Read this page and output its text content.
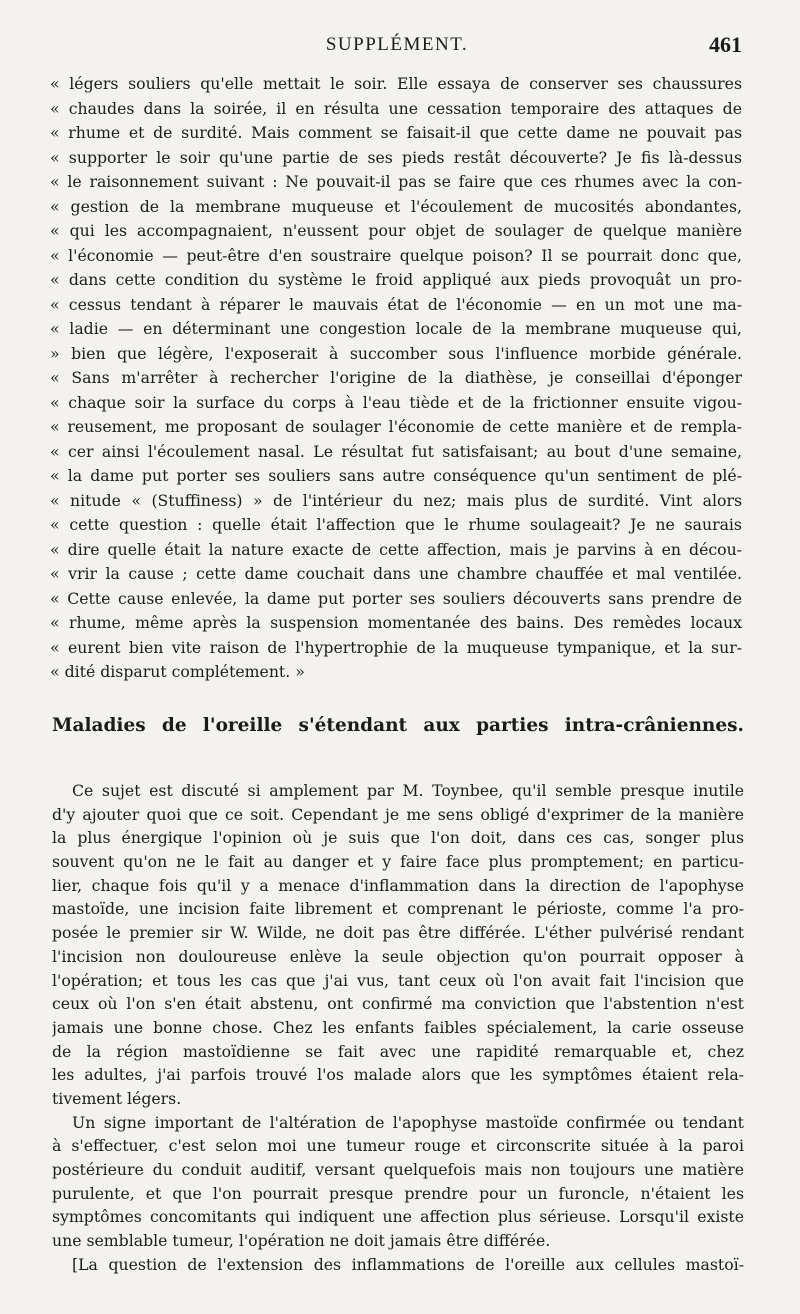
SUPPLÉMENT.	461
« légers souliers qu'elle mettait le soir. Elle essaya de conserver ses chaussures
« chaudes dans la soirée, il en résulta une cessation temporaire des attaques de
« rhume et de surdité. Mais comment se faisait-il que cette dame ne pouvait pas
« supporter le soir qu'une partie de ses pieds restât découverte? Je fis là-dessus
« le raisonnement suivant : Ne pouvait-il pas se faire que ces rhumes avec la con-
« gestion de la membrane muqueuse et l'écoulement de mucosités abondantes,
« qui les accompagnaient, n'eussent pour objet de soulager de quelque manière
« l'économie — peut-être d'en soustraire quelque poison? Il se pourrait donc que,
« dans cette condition du système le froid appliqué aux pieds provoquât un pro-
« cessus tendant à réparer le mauvais état de l'économie — en un mot une ma-
« ladie — en déterminant une congestion locale de la membrane muqueuse qui,
» bien que légère, l'exposerait à succomber sous l'influence morbide générale.
« Sans m'arrêter à rechercher l'origine de la diathèse, je conseillai d'éponger
« chaque soir la surface du corps à l'eau tiède et de la frictionner ensuite vigou-
« reusement, me proposant de soulager l'économie de cette manière et de rempla-
« cer ainsi l'écoulement nasal. Le résultat fut satisfaisant; au bout d'une semaine,
« la dame put porter ses souliers sans autre conséquence qu'un sentiment de plé-
« nitude « (Stuffiness) » de l'intérieur du nez; mais plus de surdité. Vint alors
« cette question : quelle était l'affection que le rhume soulageait? Je ne saurais
« dire quelle était la nature exacte de cette affection, mais je parvins à en décou-
« vrir la cause ; cette dame couchait dans une chambre chauffée et mal ventilée.
« Cette cause enlevée, la dame put porter ses souliers découverts sans prendre de
« rhume, même après la suspension momentanée des bains. Des remèdes locaux
« eurent bien vite raison de l'hypertrophie de la muqueuse tympanique, et la sur-
« dité disparut complétement. »
Maladies de l'oreille s'étendant aux parties intra-crâniennes.
Ce sujet est discuté si amplement par M. Toynbee, qu'il semble presque inutile
d'y ajouter quoi que ce soit. Cependant je me sens obligé d'exprimer de la manière
la plus énergique l'opinion où je suis que l'on doit, dans ces cas, songer plus
souvent qu'on ne le fait au danger et y faire face plus promptement; en particu-
lier, chaque fois qu'il y a menace d'inflammation dans la direction de l'apophyse
mastoïde, une incision faite librement et comprenant le périoste, comme l'a pro-
posée le premier sir W. Wilde, ne doit pas être différée. L'éther pulvérisé rendant
l'incision non douloureuse enlève la seule objection qu'on pourrait opposer à
l'opération; et tous les cas que j'ai vus, tant ceux où l'on avait fait l'incision que
ceux où l'on s'en était abstenu, ont confirmé ma conviction que l'abstention n'est
jamais une bonne chose. Chez les enfants faibles spécialement, la carie osseuse
de la région mastoïdienne se fait avec une rapidité remarquable et, chez
les adultes, j'ai parfois trouvé l'os malade alors que les symptômes étaient rela-
tivement légers.
Un signe important de l'altération de l'apophyse mastoïde confirmée ou tendant
à s'effectuer, c'est selon moi une tumeur rouge et circonscrite située à la paroi
postérieure du conduit auditif, versant quelquefois mais non toujours une matière
purulente, et que l'on pourrait presque prendre pour un furoncle, n'étaient les
symptômes concomitants qui indiquent une affection plus sérieuse. Lorsqu'il existe
une semblable tumeur, l'opération ne doit jamais être différée.
[La question de l'extension des inflammations de l'oreille aux cellules mastoï-
